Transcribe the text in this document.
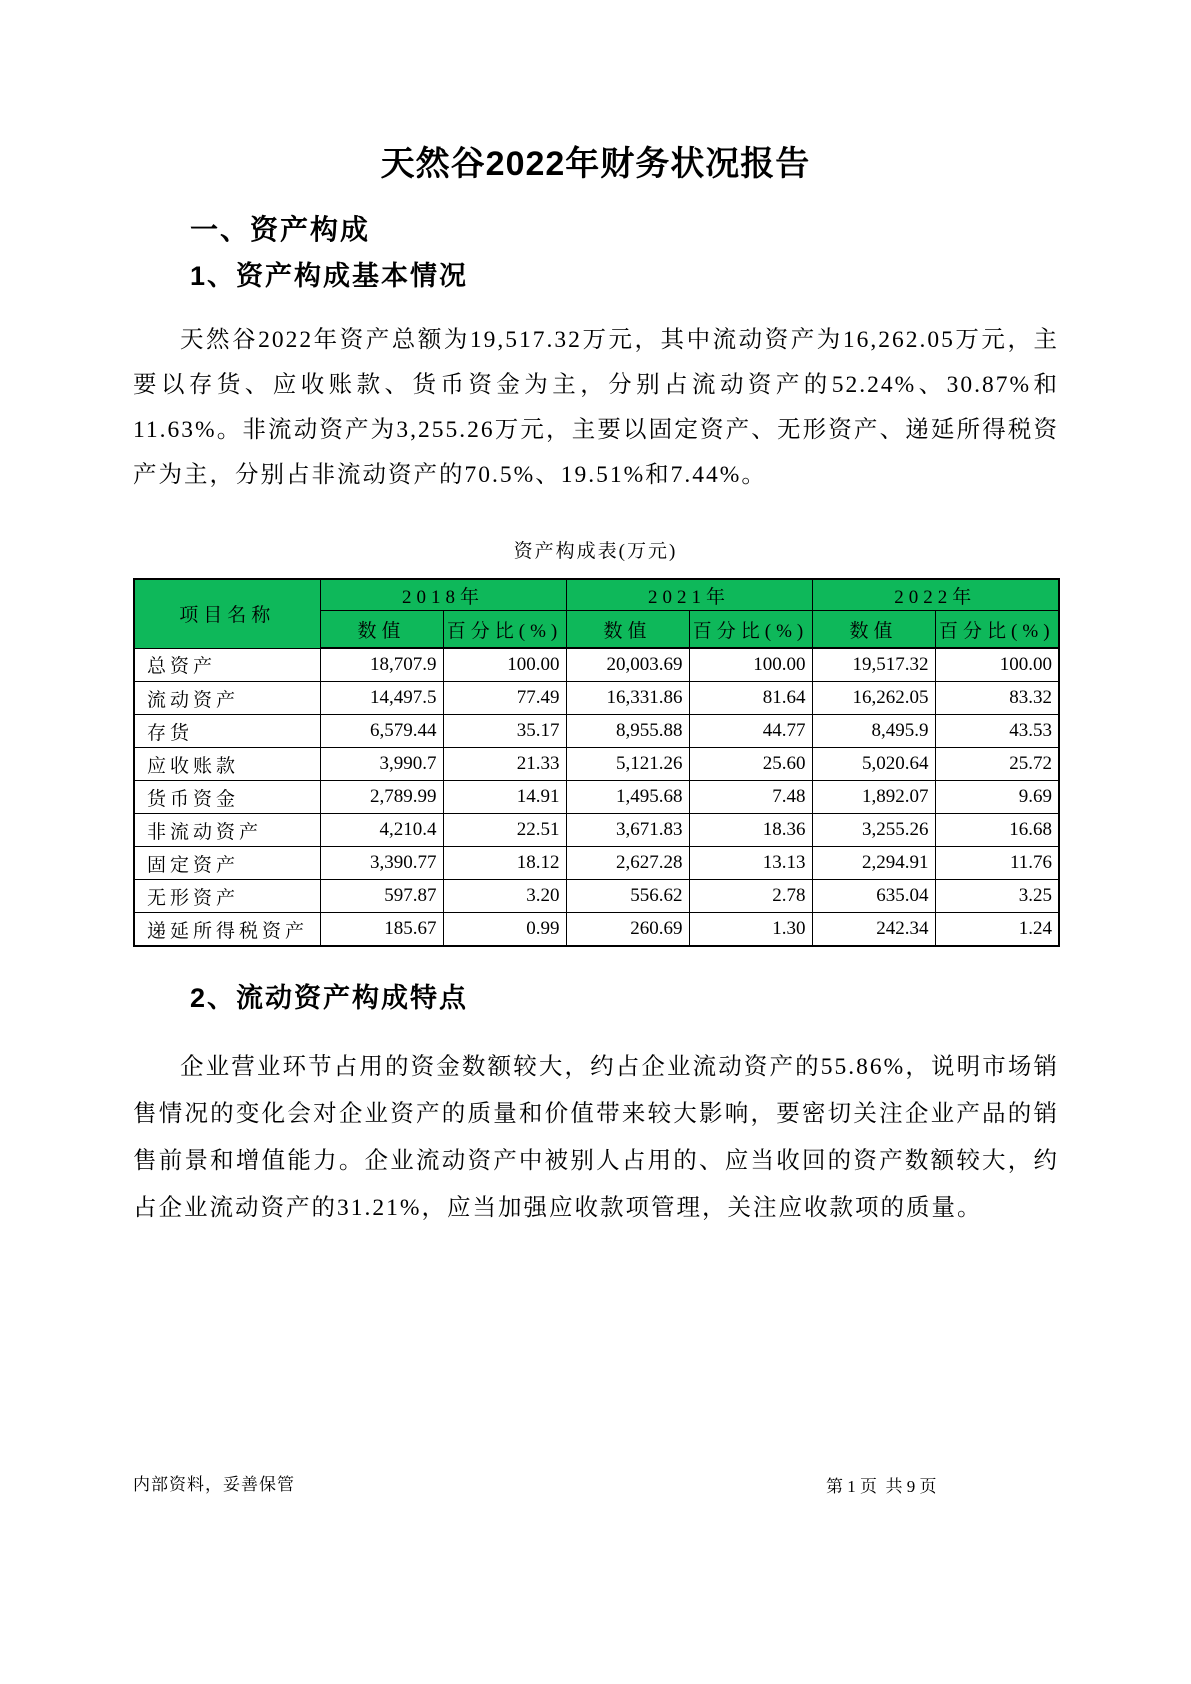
天然谷2022年财务状况报告
一、资产构成
1、资产构成基本情况
天然谷2022年资产总额为19,517.32万元，其中流动资产为16,262.05万元，主要以存货、应收账款、货币资金为主，分别占流动资产的52.24%、30.87%和11.63%。非流动资产为3,255.26万元，主要以固定资产、无形资产、递延所得税资产为主，分别占非流动资产的70.5%、19.51%和7.44%。
资产构成表(万元)
项目名称	2018年		2021年		2022年	
	数值	百分比(%)	数值	百分比(%)	数值	百分比(%)
总资产	18,707.9	100.00	20,003.69	100.00	19,517.32	100.00
流动资产	14,497.5	77.49	16,331.86	81.64	16,262.05	83.32
存货	6,579.44	35.17	8,955.88	44.77	8,495.9	43.53
应收账款	3,990.7	21.33	5,121.26	25.60	5,020.64	25.72
货币资金	2,789.99	14.91	1,495.68	7.48	1,892.07	9.69
非流动资产	4,210.4	22.51	3,671.83	18.36	3,255.26	16.68
固定资产	3,390.77	18.12	2,627.28	13.13	2,294.91	11.76
无形资产	597.87	3.20	556.62	2.78	635.04	3.25
递延所得税资产	185.67	0.99	260.69	1.30	242.34	1.24
2、流动资产构成特点
企业营业环节占用的资金数额较大，约占企业流动资产的55.86%，说明市场销售情况的变化会对企业资产的质量和价值带来较大影响，要密切关注企业产品的销售前景和增值能力。企业流动资产中被别人占用的、应当收回的资产数额较大，约占企业流动资产的31.21%，应当加强应收款项管理，关注应收款项的质量。
内部资料，妥善保管	第 1 页  共 9 页
